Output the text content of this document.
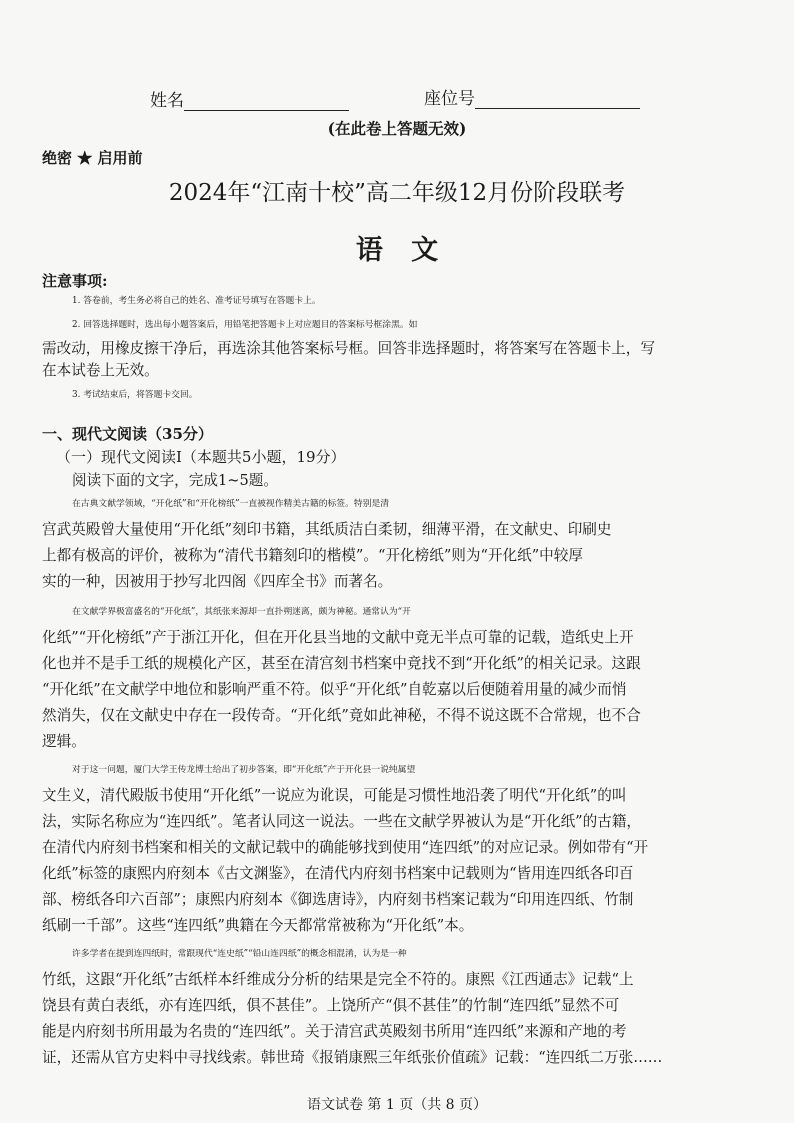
姓名	座位号
(在此卷上答题无效)
绝密 ★ 启用前
2024年“江南十校”高二年级12月份阶段联考
语   文
注意事项:
1. 答卷前，考生务必将自己的姓名、准考证号填写在答题卡上。
2. 回答选择题时，选出每小题答案后，用铅笔把答题卡上对应题目的答案标号框涂黑。如
需改动，用橡皮擦干净后，再选涂其他答案标号框。回答非选择题时，将答案写在答题卡上，写
在本试卷上无效。
3. 考试结束后，将答题卡交回。
一、现代文阅读（35分）
（一）现代文阅读Ⅰ（本题共5小题，19分）
阅读下面的文字，完成1~5题。
在古典文献学领域，“开化纸”和“开化榜纸”一直被视作精美古籍的标签。特别是清
宫武英殿曾大量使用“开化纸”刻印书籍，其纸质洁白柔韧，细薄平滑，在文献史、印刷史
上都有极高的评价，被称为“清代书籍刻印的楷模”。“开化榜纸”则为“开化纸”中较厚
实的一种，因被用于抄写北四阁《四库全书》而著名。
在文献学界极富盛名的“开化纸”，其纸张来源却一直扑朔迷离，颇为神秘。通常认为“开
化纸”“开化榜纸”产于浙江开化，但在开化县当地的文献中竟无半点可靠的记载，造纸史上开
化也并不是手工纸的规模化产区，甚至在清宫刻书档案中竟找不到“开化纸”的相关记录。这跟
“开化纸”在文献学中地位和影响严重不符。似乎“开化纸”自乾嘉以后便随着用量的减少而悄
然消失，仅在文献史中存在一段传奇。“开化纸”竟如此神秘，不得不说这既不合常规，也不合
逻辑。
对于这一问题，厦门大学王传龙博士给出了初步答案，即“开化纸”产于开化县一说纯属望
文生义，清代殿版书使用“开化纸”一说应为讹误，可能是习惯性地沿袭了明代“开化纸”的叫
法，实际名称应为“连四纸”。笔者认同这一说法。一些在文献学界被认为是“开化纸”的古籍，
在清代内府刻书档案和相关的文献记载中的确能够找到使用“连四纸”的对应记录。例如带有“开
化纸”标签的康熙内府刻本《古文渊鉴》，在清代内府刻书档案中记载则为“皆用连四纸各印百
部、榜纸各印六百部”；康熙内府刻本《御选唐诗》，内府刻书档案记载为“印用连四纸、竹制
纸刷一千部”。这些“连四纸”典籍在今天都常常被称为“开化纸”本。
许多学者在提到连四纸时，常跟现代“连史纸”“铅山连四纸”的概念相混淆，认为是一种
竹纸，这跟“开化纸”古纸样本纤维成分分析的结果是完全不符的。康熙《江西通志》记载“上
饶县有黄白表纸，亦有连四纸，俱不甚佳”。上饶所产“俱不甚佳”的竹制“连四纸”显然不可
能是内府刻书所用最为名贵的“连四纸”。关于清宫武英殿刻书所用“连四纸”来源和产地的考
证，还需从官方史料中寻找线索。韩世琦《报销康熙三年纸张价值疏》记载：“连四纸二万张……
语文试卷 第 1 页（共 8 页）
